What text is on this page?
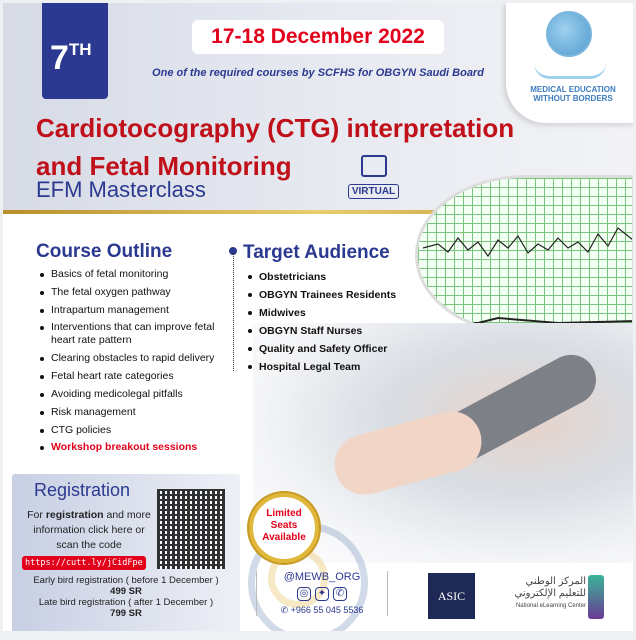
7TH
17-18 December 2022
One of the required courses by SCFHS for OBGYN Saudi Board
MEDICAL EDUCATION WITHOUT BORDERS
Cardiotocography (CTG) interpretation
and Fetal Monitoring
EFM Masterclass	VIRTUAL
Course Outline
Basics of fetal monitoring
The fetal oxygen pathway
Intrapartum management
Interventions that can improve fetal heart rate pattern
Clearing obstacles to rapid delivery
Fetal heart rate categories
Avoiding medicolegal pitfalls
Risk management
CTG policies
Workshop breakout sessions
Target Audience
Obstetricians
OBGYN Trainees Residents
Midwives
OBGYN Staff Nurses
Quality and Safety Officer
Hospital Legal Team
Registration
For registration and more information click here or scan the code
https://cutt.ly/jCidFpe
Early bird registration ( before 1 December )
499 SR
Late bird registration ( after 1 December )
799 SR
Limited
Seats
Available
@MEWB_ORG
◎ ✦ ✆
✆ +966 55 045 5536
ASIC
المركز الوطني
للتعليم الإلكتروني
National eLearning Center
